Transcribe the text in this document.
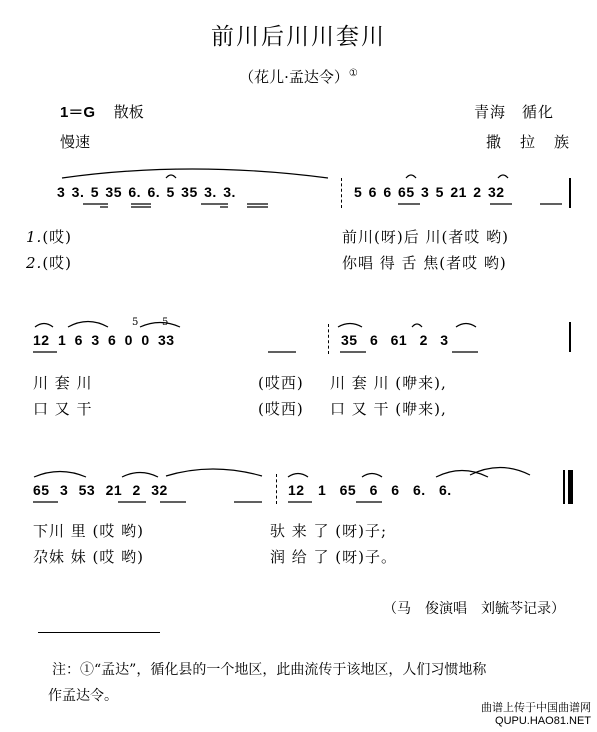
前川后川川套川
（花儿·孟达令）①
1＝G 散板
慢速
青海　循化
撒　拉　族
3 3. 5 35 6. 6. 5 35 3. 3.	5 6 6 65 3 5 21 2 32
1.(哎)	前川(呀)后 川(者哎 哟)
2.(哎)	你唱 得 舌 焦(者哎 哟)
12 1 6 3 6 0 0 33
5 5
35 6 61 2 3
川 套 川	(哎西) 川 套 川 (咿来),
口 又 干	(哎西) 口 又 干 (咿来),
65 3 53 21 2 32	12 1 65 6 6 6. 6.
下川 里 (哎 哟)	驮 来 了 (呀)子;
尕妹 妹 (哎 哟)	润 给 了 (呀)子。
（马　俊演唱　刘毓芩记录）
注：①“孟达”，循化县的一个地区，此曲流传于该地区，人们习惯地称
作孟达令。
曲谱上传于中国曲谱网
QUPU.HAO81.NET
